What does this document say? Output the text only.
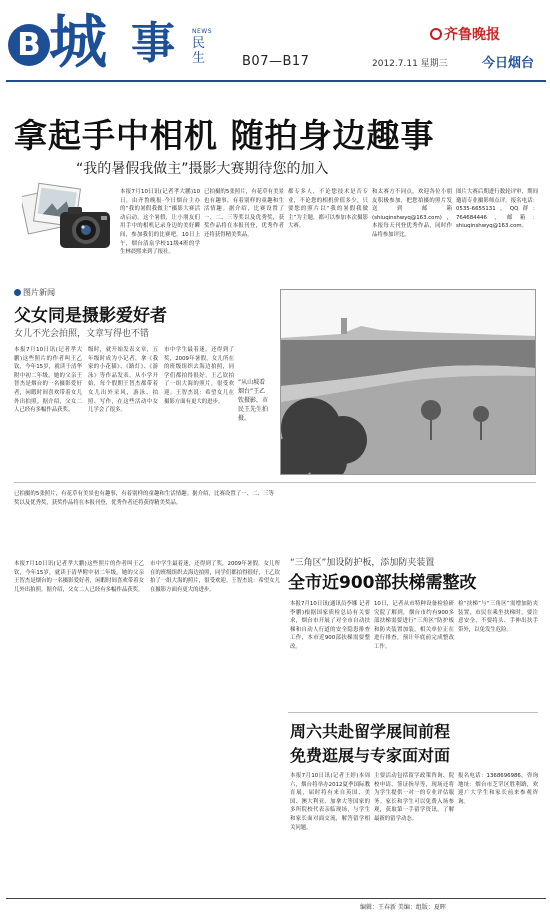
B 城 事	NEWS
民生	B07—B17
齐鲁晚报
2012.7.11 星期三	今日烟台
拿起手中相机 随拍身边趣事
“我的暑假我做主”摄影大赛期待您的加入
本报7月10日讯(记者孝大鹏)10日，由齐鲁晚报·今日烟台主办的“我的暑假我做主”摄影大赛活动启动。这个暑假，让小朋友们用手中的相机记录身边的美好瞬间，参加我们的比赛吧。10日上午，烟台清泉学校11级4班的学生林晨熙来到了报社。
已拍摄的5张照片，有花草有美景也有趣事，有着别样的童趣和生活情趣。据介绍，比赛设置了一、二、三等奖以及优秀奖，获奖作品将在本报刊登，优秀作者还将获得精美奖品。
都专多人，不论您技术是否专业，不论您的相机价值多少，只要您的照片以“我的暑假我做主”为主题，都可以参加本次摄影大赛。
和太赛方不同点，欢迎各位小朋友积极参加，把您拍摄的照片发送到邮箱(shiuqinshwyq@163.com)，本报每天刊登优秀作品，同时作品将参加评比。
图片大赛后期进行数轮评审，期间邀请专业摄影师点评。报名电话：0535-6655131，QQ群：764684446，邮箱：shiuqinshwyq@163.com。
图片新闻
父女同是摄影爱好者
女儿不光会拍照，文章写得也不错
本报7月10日讯(记者孝大鹏)这些照片的作者叫王乙钦，今年15岁，就读于清华附中初二年级。她的父亲王智杰是烟台的一名摄影爱好者，闲暇时间喜欢带着女儿外出拍照。据介绍，父女二人已经有多幅作品获奖。
级时，就开始发表文章，五年级时成为小记者，拿《我家的小花猫》、《路灯》、《游泳》等作品发表。从小学开始，每个假期王智杰都带着女儿出外采风，游泳、拍照、写作，在这些活动中女儿学会了很多。
市中学生最着迷，还得到了奖，2009年暑假，女儿所在的班级组织去海边拍照，同学们都拍得很好，王乙钦拍了一组大海的照片，很受欢迎。王智杰说：希望女儿在摄影方面有更大的进步。
“从山坡看烟台”王乙钦摄影，市民王先生拍摄。
已拍摄的5张照片，有花草有美景也有趣事，有着别样的童趣和生活情趣。据介绍，比赛设置了一、二、三等奖以及优秀奖，获奖作品将在本报刊登，优秀作者还将获得精美奖品。
“三角区”加设防护板，添加防夹装置
全市近900部扶梯需整改
本报7月10日讯(通讯员李娜 记者 李鹏)根据国家质检总局有关要求，烟台市开展了对全市自动扶梯和自动人行道的安全隐患排查工作，本市近900部扶梯需要整改。
10日，记者从市特种设备检验研究院了解到，烟台市约有900多部扶梯需要进行“三角区”防护板和防夹装置加装，相关单位正在进行排查，预计年底前完成整改工作。
检“扶梯”与“三角区”需增加防夹装置，市民在乘坐扶梯时，要注意安全，不要将头、手伸出扶手带外，以免发生危险。
周六共赴留学展间前程
免费逛展与专家面对面
本报7月10日讯(记者王婷)本周六，烟台将举办2012夏季国际教育展，届时将有来自英国、美国、澳大利亚、加拿大等国家的多所院校代表亲临现场，与学生和家长面对面交流，解答留学相关问题。
主要活动包括留学政策咨询、院校申请、签证指导等，现场还将为学生提供一对一的专业评估服务。家长和学生可以免费入场参观，获取第一手留学资讯，了解最新的留学动态。
报名电话：1368696986，咨询地址：烟台市芝罘区胜利路，欢迎广大学生和家长前来参观咨询。
本报7月10日讯(记者孝大鹏)这些照片的作者叫王乙钦，今年15岁，就读于清华附中初二年级。她的父亲王智杰是烟台的一名摄影爱好者，闲暇时间喜欢带着女儿外出拍照。据介绍，父女二人已经有多幅作品获奖。
市中学生最着迷，还得到了奖，2009年暑假，女儿所在的班级组织去海边拍照，同学们都拍得很好，王乙钦拍了一组大海的照片，很受欢迎。王智杰说：希望女儿在摄影方面有更大的进步。
编辑：王春新 美编：组版：夏晖
